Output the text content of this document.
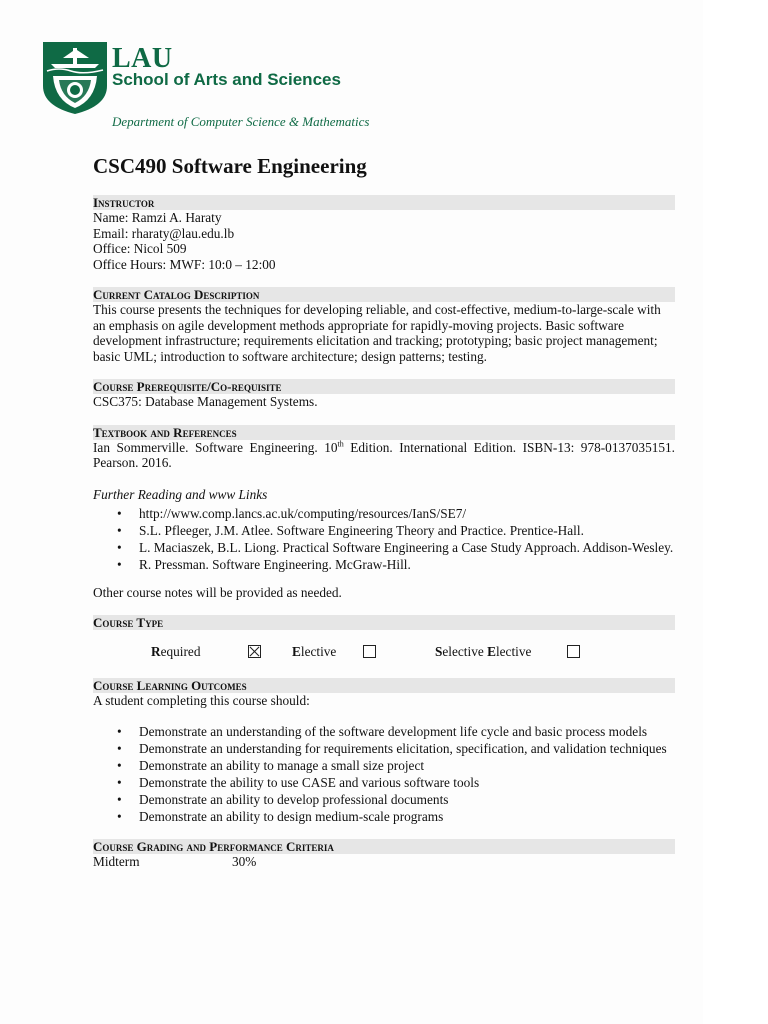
LAU
School of Arts and Sciences
Department of Computer Science & Mathematics
CSC490 Software Engineering
Instructor
Name: Ramzi A. Haraty
Email: rharaty@lau.edu.lb
Office: Nicol 509
Office Hours: MWF: 10:0 – 12:00
Current Catalog Description
This course presents the techniques for developing reliable, and cost-effective, medium-to-large-scale with an emphasis on agile development methods appropriate for rapidly-moving projects. Basic software development infrastructure; requirements elicitation and tracking; prototyping; basic project management; basic UML; introduction to software architecture; design patterns; testing.
Course Prerequisite/Co-requisite
CSC375: Database Management Systems.
Textbook and References
Ian Sommerville. Software Engineering. 10th Edition. International Edition. ISBN-13: 978-0137035151. Pearson. 2016.
Further Reading and www Links
• http://www.comp.lancs.ac.uk/computing/resources/IanS/SE7/
• S.L. Pfleeger, J.M. Atlee. Software Engineering Theory and Practice. Prentice-Hall.
• L. Maciaszek, B.L. Liong. Practical Software Engineering a Case Study Approach. Addison-Wesley.
• R. Pressman. Software Engineering. McGraw-Hill.
Other course notes will be provided as needed.
Course Type
Required	Elective	Selective Elective
Course Learning Outcomes
A student completing this course should:
• Demonstrate an understanding of the software development life cycle and basic process models
• Demonstrate an understanding for requirements elicitation, specification, and validation techniques
• Demonstrate an ability to manage a small size project
• Demonstrate the ability to use CASE and various software tools
• Demonstrate an ability to develop professional documents
• Demonstrate an ability to design medium-scale programs
Course Grading and Performance Criteria
Midterm	30%
